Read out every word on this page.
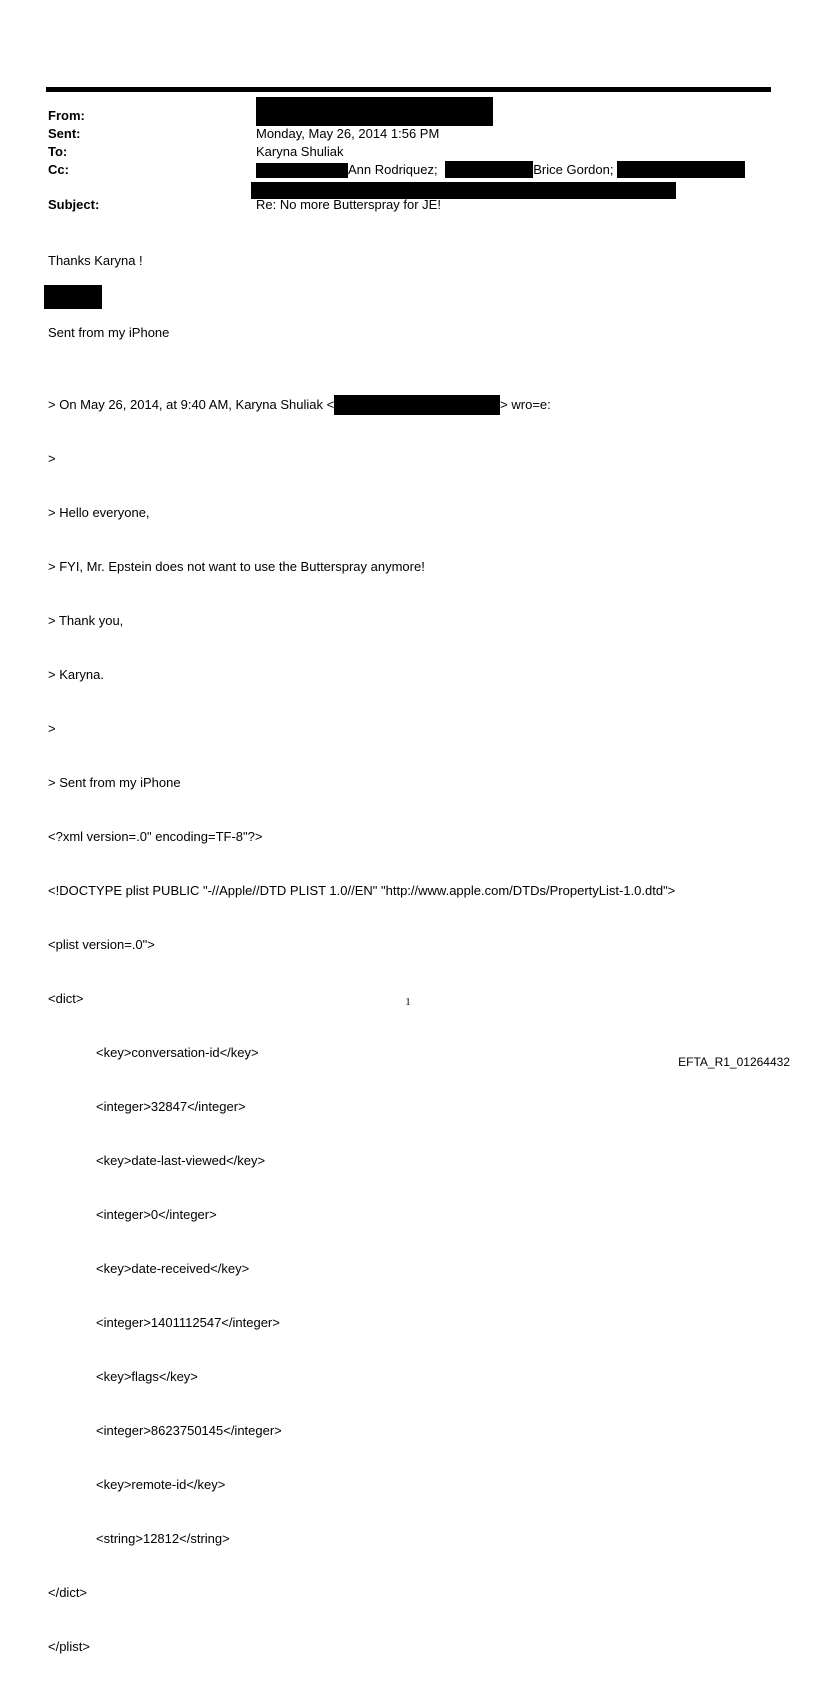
From:
Sent:	Monday, May 26, 2014 1:56 PM
To:	Karyna Shuliak
Cc:	Ann Rodriquez;	Brice Gordon;
Subject:	Re: No more Butterspray for JE!
Thanks Karyna !
Sent from my iPhone

> On May 26, 2014, at 9:40 AM, Karyna Shuliak <	> wro=e:

>

> Hello everyone,

> FYI, Mr. Epstein does not want to use the Butterspray anymore!

> Thank you,

> Karyna.

>

> Sent from my iPhone

<?xml version=.0" encoding=TF-8"?>

<!DOCTYPE plist PUBLIC "-//Apple//DTD PLIST 1.0//EN" "http://www.apple.com/DTDs/PropertyList-1.0.dtd">

<plist version=.0">

<dict>

<key>conversation-id</key>

<integer>32847</integer>

<key>date-last-viewed</key>

<integer>0</integer>

<key>date-received</key>

<integer>1401112547</integer>

<key>flags</key>

<integer>8623750145</integer>

<key>remote-id</key>

<string>12812</string>

</dict>

</plist>

1
EFTA_R1_01264432
